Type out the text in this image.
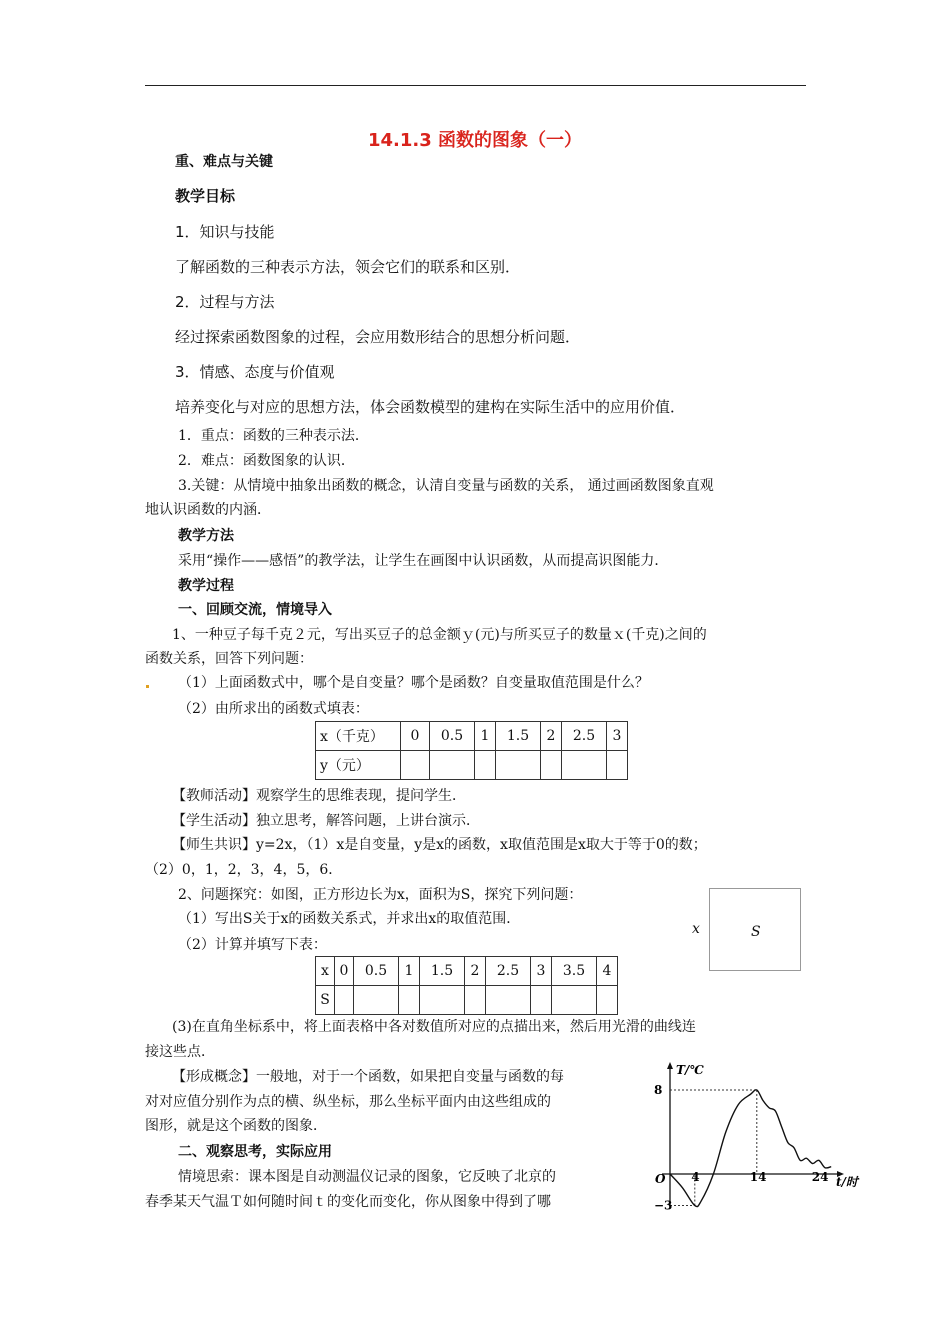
14.1.3 函数的图象（一）
重、难点与关键
教学目标
1．知识与技能
了解函数的三种表示方法，领会它们的联系和区别．
2．过程与方法
经过探索函数图象的过程，会应用数形结合的思想分析问题．
3．情感、态度与价值观
培养变化与对应的思想方法，体会函数模型的建构在实际生活中的应用价值．
1．重点：函数的三种表示法．
2．难点：函数图象的认识．
3.关键：从情境中抽象出函数的概念，认清自变量与函数的关系， 通过画函数图象直观
地认识函数的内涵．
教学方法
采用“操作——感悟”的教学法，让学生在画图中认识函数，从而提高识图能力．
教学过程
一、回顾交流，情境导入
1、一种豆子每千克２元，写出买豆子的总金额ｙ(元)与所买豆子的数量ｘ(千克)之间的
函数关系，回答下列问题：
（1）上面函数式中，哪个是自变量？哪个是函数？自变量取值范围是什么？
（2）由所求出的函数式填表：
x（千克）	0	0.5	1	1.5	2	2.5	3
y（元）							
【教师活动】观察学生的思维表现，提问学生．
【学生活动】独立思考，解答问题，上讲台演示．
【师生共识】y=2x，（1）x是自变量，y是x的函数，x取值范围是x取大于等于0的数；
（2）0，1，2，3，4，5，6．
2、问题探究：如图，正方形边长为x，面积为S，探究下列问题：
（1）写出S关于x的函数关系式，并求出x的取值范围．
（2）计算并填写下表：
x	S
x	0	0.5	1	1.5	2	2.5	3	3.5	4
S									
(3)在直角坐标系中，将上面表格中各对数值所对应的点描出来，然后用光滑的曲线连
接这些点．
【形成概念】一般地，对于一个函数，如果把自变量与函数的每
对对应值分别作为点的横、纵坐标，那么坐标平面内由这些组成的
图形，就是这个函数的图象．
二、观察思考，实际应用
情境思索：课本图是自动测温仪记录的图象，它反映了北京的
春季某天气温Ｔ如何随时间ｔ的变化而变化，你从图象中得到了哪
T/℃
t/时
O 4	14	24
8
−3
